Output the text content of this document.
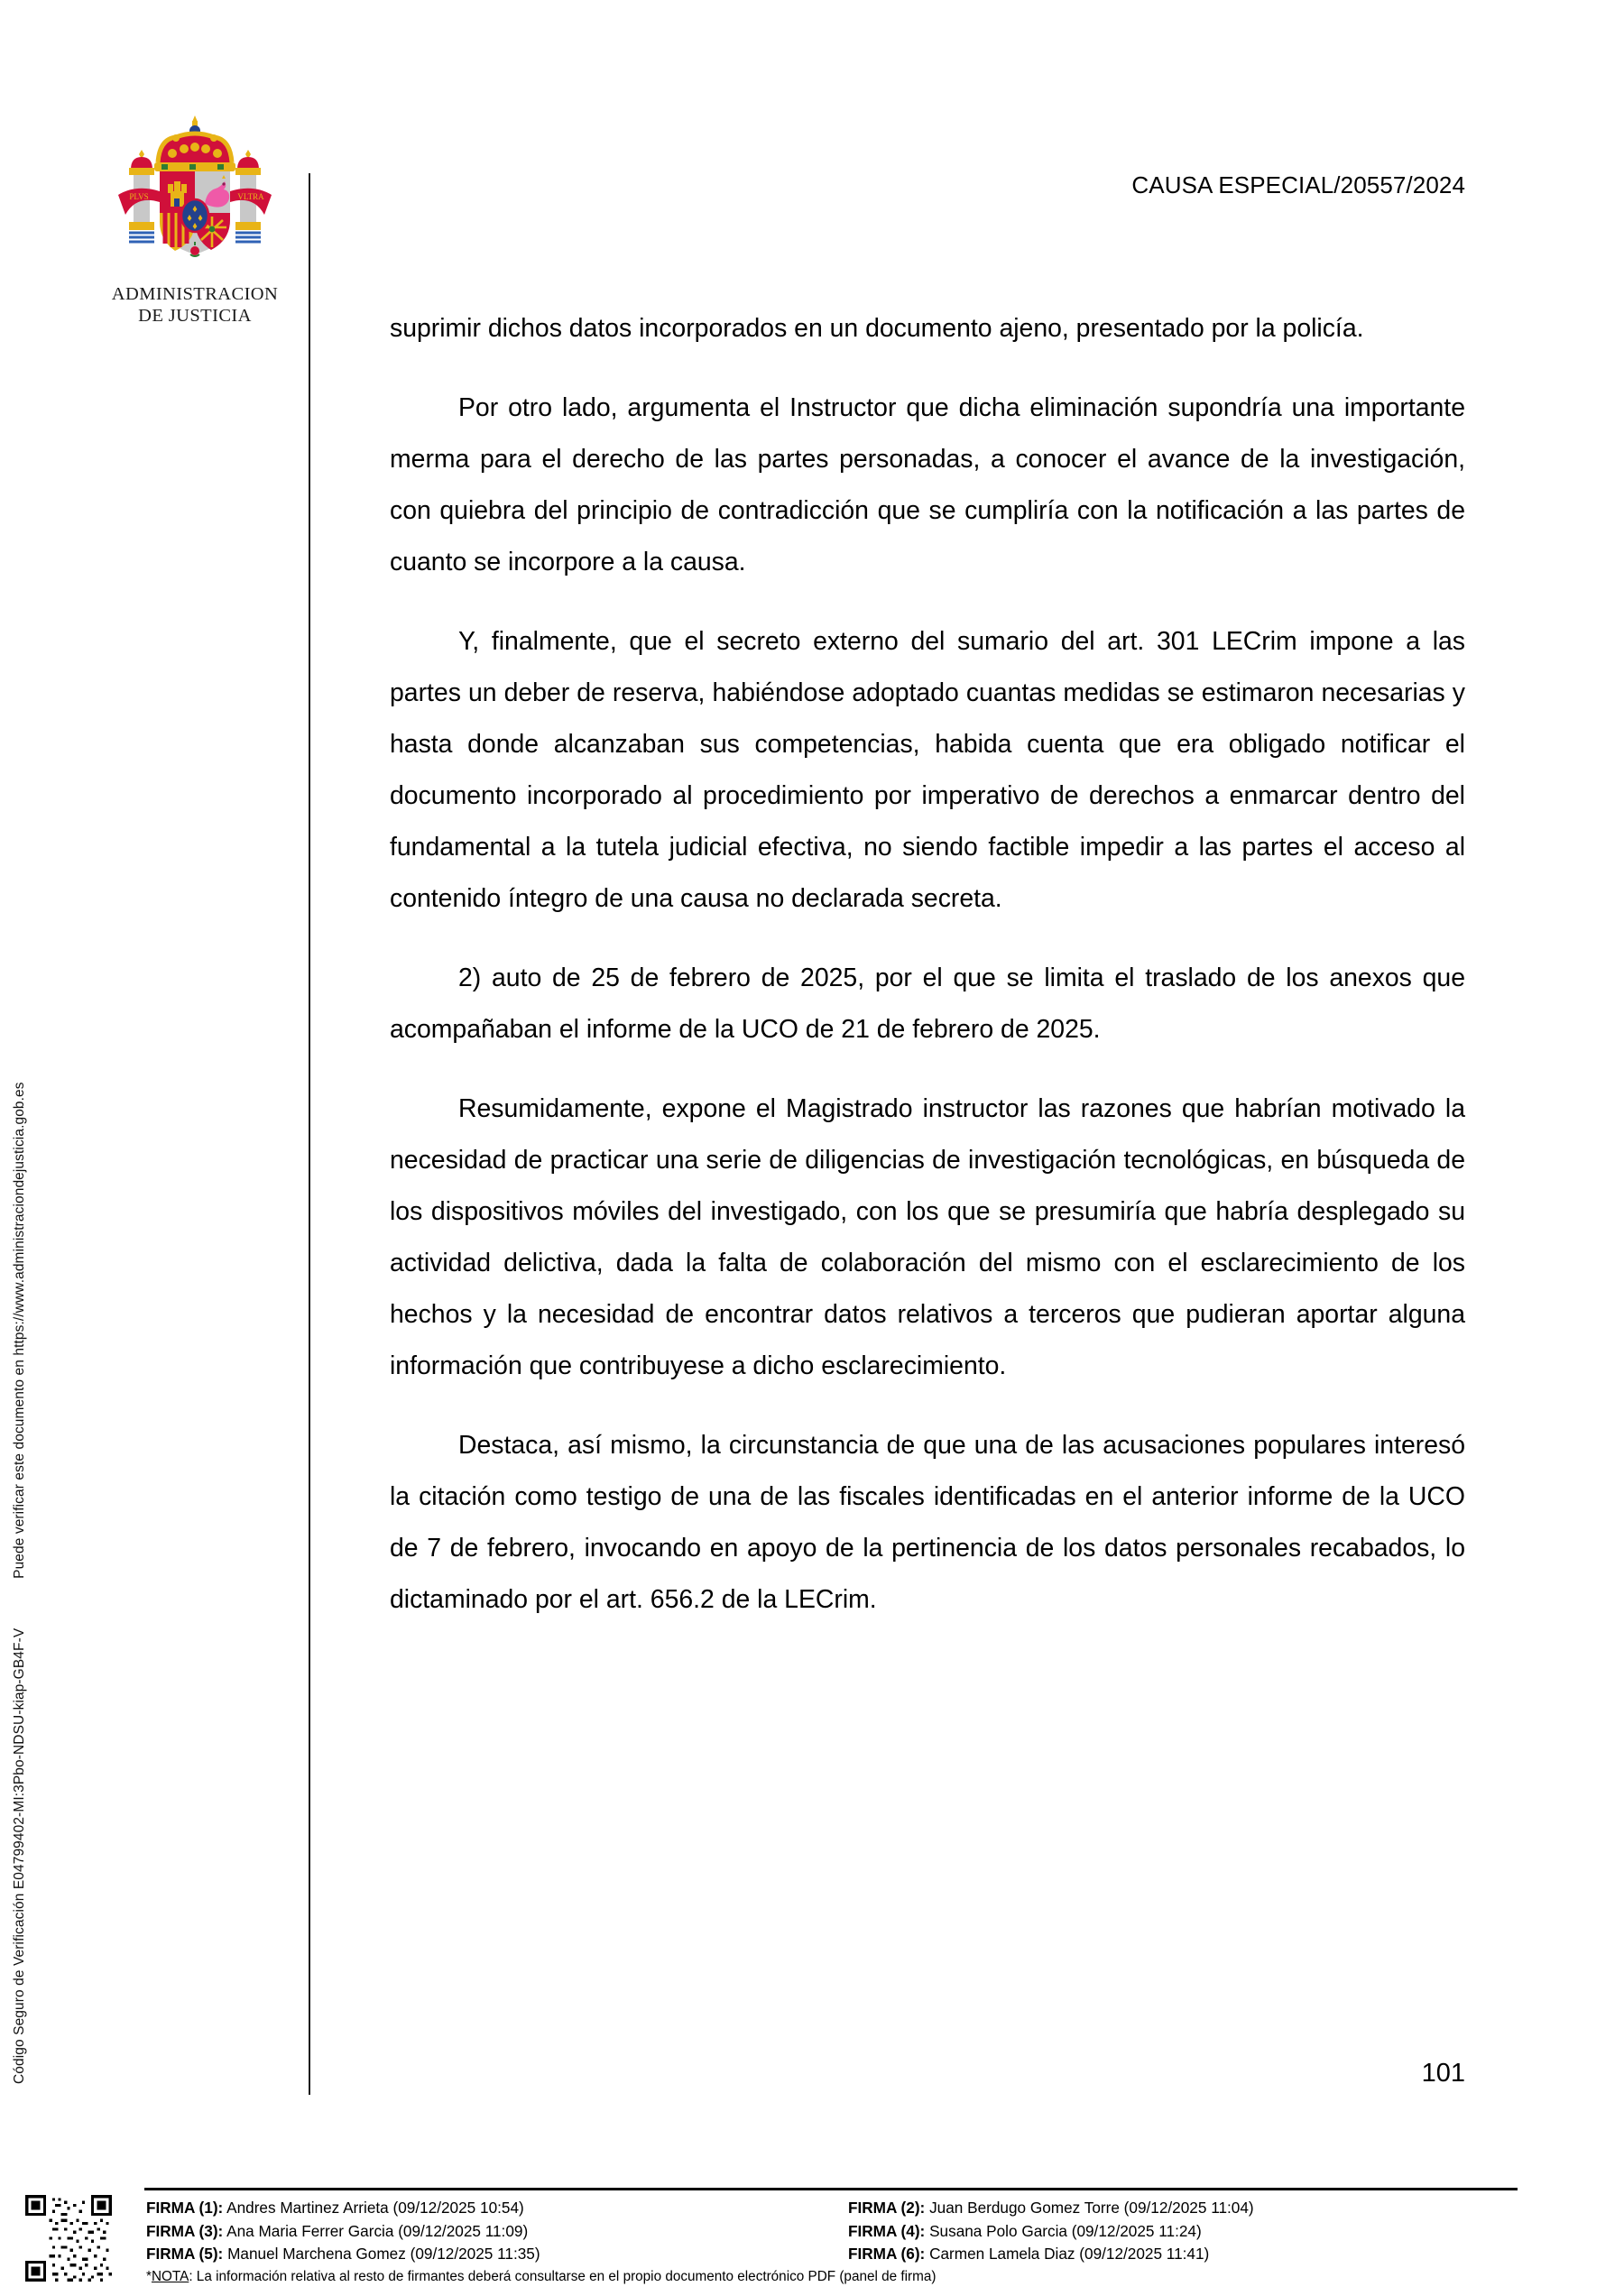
Código Seguro de Verificación E04799402-MI:3Pbo-NDSU-kiap-GB4F-V  Puede verificar este documento en https://www.administraciondejusticia.gob.es
PLVS	VLTRA
ADMINISTRACION
DE JUSTICIA
CAUSA ESPECIAL/20557/2024

suprimir dichos datos incorporados en un documento ajeno, presentado por la policía.

Por otro lado, argumenta el Instructor que dicha eliminación supondría una importante merma para el derecho de las partes personadas, a conocer el avance de la investigación, con quiebra del principio de contradicción que se cumpliría con la notificación a las partes de cuanto se incorpore a la causa.

Y, finalmente, que el secreto externo del sumario del art. 301 LECrim impone a las partes un deber de reserva, habiéndose adoptado cuantas medidas se estimaron necesarias y hasta donde alcanzaban sus competencias, habida cuenta que era obligado notificar el documento incorporado al procedimiento por imperativo de derechos a enmarcar dentro del fundamental a la tutela judicial efectiva, no siendo factible impedir a las partes el acceso al contenido íntegro de una causa no declarada secreta.

2) auto de 25 de febrero de 2025, por el que se limita el traslado de los anexos que acompañaban el informe de la UCO de 21 de febrero de 2025.

Resumidamente, expone el Magistrado instructor las razones que habrían motivado la necesidad de practicar una serie de diligencias de investigación tecnológicas, en búsqueda de los dispositivos móviles del investigado, con los que se presumiría que habría desplegado su actividad delictiva, dada la falta de colaboración del mismo con el esclarecimiento de los hechos y la necesidad de encontrar datos relativos a terceros que pudieran aportar alguna información que contribuyese a dicho esclarecimiento.

Destaca, así mismo, la circunstancia de que una de las acusaciones populares interesó la citación como testigo de una de las fiscales identificadas en el anterior informe de la UCO de 7 de febrero, invocando en apoyo de la pertinencia de los datos personales recabados, lo dictaminado por el art. 656.2 de la LECrim.

101
FIRMA (1): Andres Martinez Arrieta (09/12/2025 10:54)	FIRMA (2): Juan Berdugo Gomez Torre (09/12/2025 11:04)
FIRMA (3): Ana Maria Ferrer Garcia (09/12/2025 11:09)	FIRMA (4): Susana Polo Garcia (09/12/2025 11:24)
FIRMA (5): Manuel Marchena Gomez (09/12/2025 11:35)	FIRMA (6): Carmen Lamela Diaz (09/12/2025 11:41)
*NOTA: La información relativa al resto de firmantes deberá consultarse en el propio documento electrónico PDF (panel de firma)
